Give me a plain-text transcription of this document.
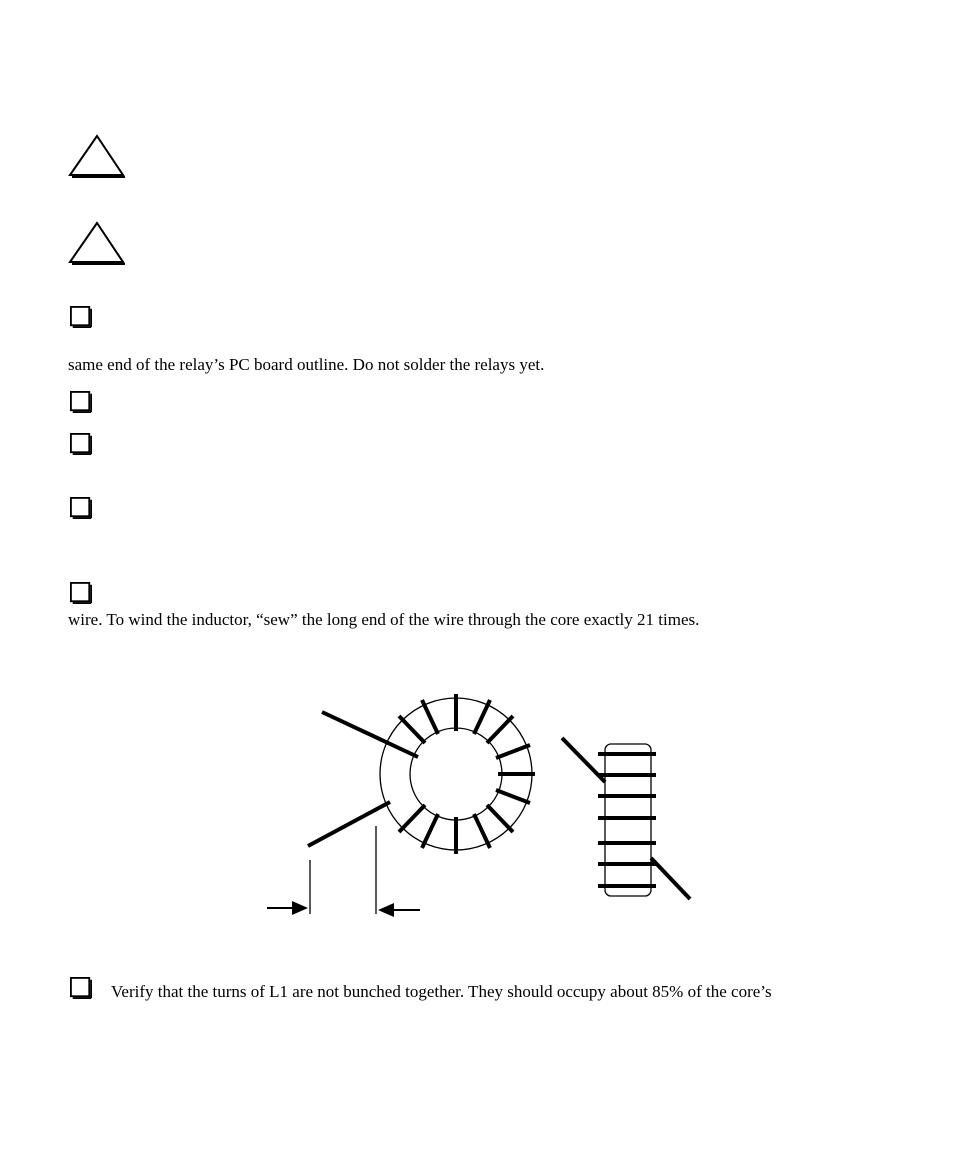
same end of the relay’s PC board outline. Do not solder the relays yet.
wire. To wind the inductor, “sew” the long end of the wire through the core exactly 21 times.
Verify that the turns of L1 are not bunched together. They should occupy about 85% of the core’s
